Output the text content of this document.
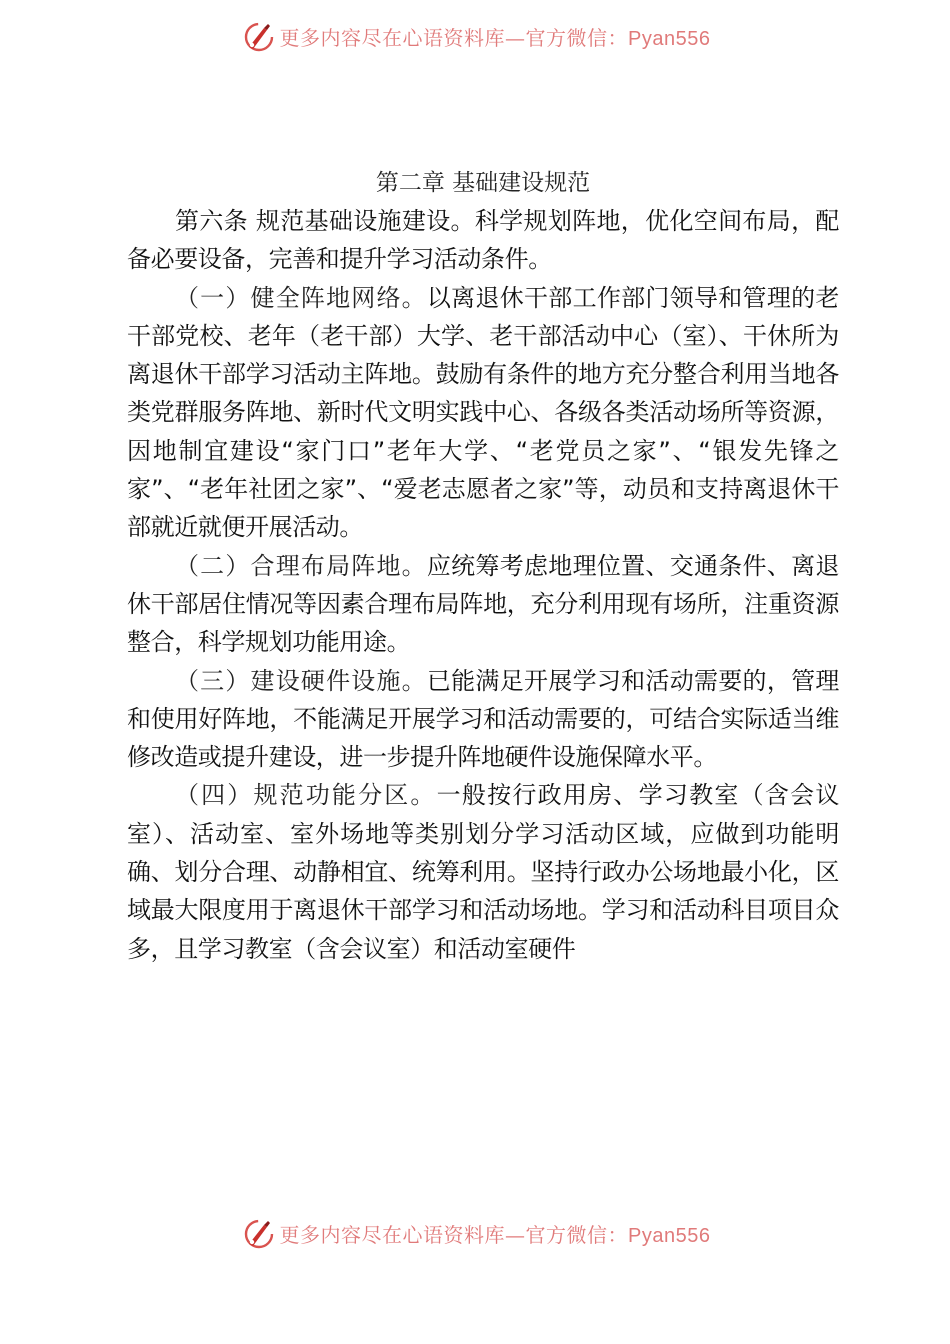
更多内容尽在心语资料库—官方微信：Pyan556
第二章 基础建设规范

第六条 规范基础设施建设。科学规划阵地，优化空间布局，配备必要设备，完善和提升学习活动条件。

（一）健全阵地网络。以离退休干部工作部门领导和管理的老干部党校、老年（老干部）大学、老干部活动中心（室）、干休所为离退休干部学习活动主阵地。鼓励有条件的地方充分整合利用当地各类党群服务阵地、新时代文明实践中心、各级各类活动场所等资源，因地制宜建设“家门口”老年大学、“老党员之家”、“银发先锋之家”、“老年社团之家”、“爱老志愿者之家”等，动员和支持离退休干部就近就便开展活动。

（二）合理布局阵地。应统筹考虑地理位置、交通条件、离退休干部居住情况等因素合理布局阵地，充分利用现有场所，注重资源整合，科学规划功能用途。

（三）建设硬件设施。已能满足开展学习和活动需要的，管理和使用好阵地，不能满足开展学习和活动需要的，可结合实际适当维修改造或提升建设，进一步提升阵地硬件设施保障水平。

（四）规范功能分区。一般按行政用房、学习教室（含会议室）、活动室、室外场地等类别划分学习活动区域，应做到功能明确、划分合理、动静相宜、统筹利用。坚持行政办公场地最小化，区域最大限度用于离退休干部学习和活动场地。学习和活动科目项目众多，且学习教室（含会议室）和活动室硬件

更多内容尽在心语资料库—官方微信：Pyan556
